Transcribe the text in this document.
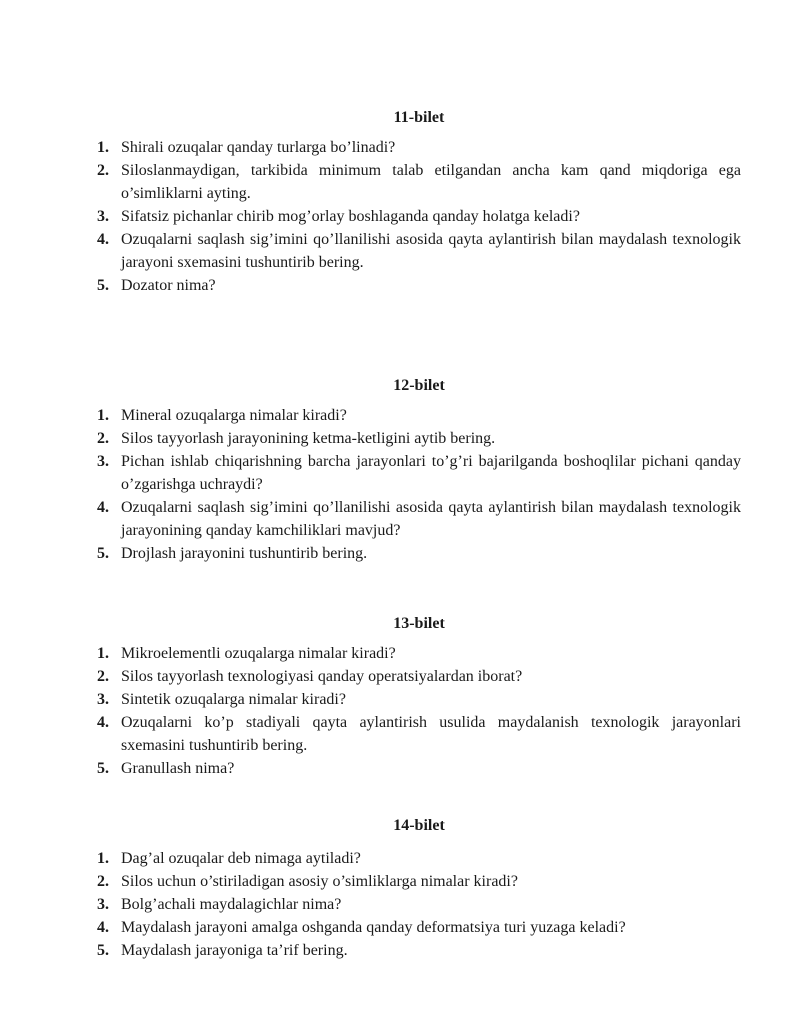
11-bilet
1. Shirali ozuqalar qanday turlarga bo’linadi?
2. Siloslanmaydigan, tarkibida minimum talab etilgandan ancha kam qand miqdoriga ega o’simliklarni ayting.
3. Sifatsiz pichanlar chirib mog’orlay boshlaganda qanday holatga keladi?
4. Ozuqalarni saqlash sig’imini qo’llanilishi asosida qayta aylantirish bilan maydalash texnologik jarayoni sxemasini tushuntirib bering.
5. Dozator nima?
12-bilet
1. Mineral ozuqalarga nimalar kiradi?
2. Silos tayyorlash jarayonining ketma-ketligini aytib bering.
3. Pichan ishlab chiqarishning barcha jarayonlari to’g’ri bajarilganda boshoqlilar pichani qanday o’zgarishga uchraydi?
4. Ozuqalarni saqlash sig’imini qo’llanilishi asosida qayta aylantirish bilan maydalash texnologik jarayonining qanday kamchiliklari mavjud?
5. Drojlash jarayonini tushuntirib bering.
13-bilet
1. Mikroelementli ozuqalarga nimalar kiradi?
2. Silos tayyorlash texnologiyasi qanday operatsiyalardan iborat?
3. Sintetik ozuqalarga nimalar kiradi?
4. Ozuqalarni ko’p stadiyali qayta aylantirish usulida maydalanish texnologik jarayonlari sxemasini tushuntirib bering.
5. Granullash nima?
14-bilet
1. Dag’al ozuqalar deb nimaga aytiladi?
2. Silos uchun o’stiriladigan asosiy o’simliklarga nimalar kiradi?
3. Bolg’achali maydalagichlar nima?
4. Maydalash jarayoni amalga oshganda qanday deformatsiya turi yuzaga keladi?
5. Maydalash jarayoniga ta’rif bering.
